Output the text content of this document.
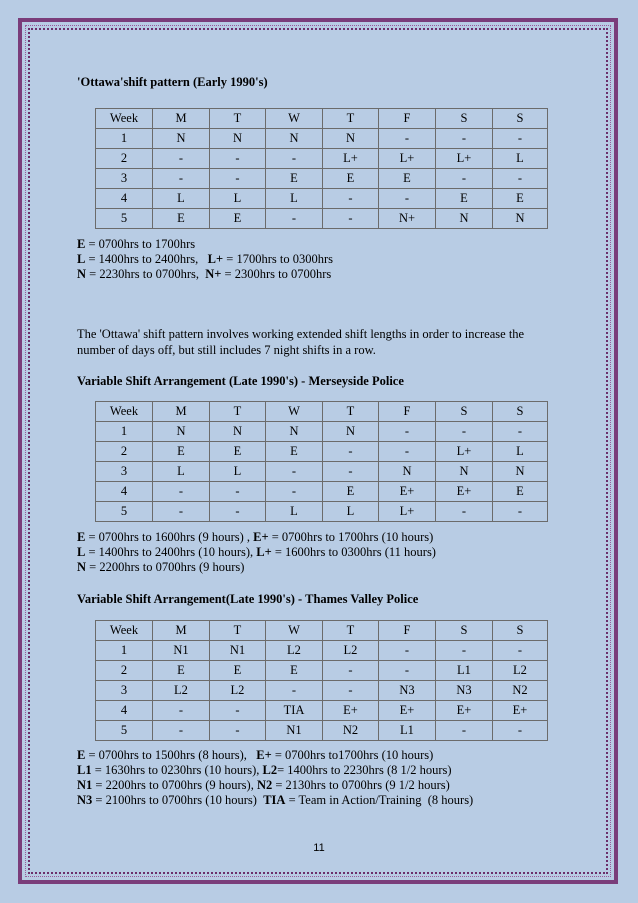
'Ottawa'shift pattern (Early 1990's)

Week	M	T	W	T	F	S	S
1	N	N	N	N	-	-	-
2	-	-	-	L+	L+	L+	L
3	-	-	E	E	E	-	-
4	L	L	L	-	-	E	E
5	E	E	-	-	N+	N	N
E = 0700hrs to 1700hrs
L = 1400hrs to 2400hrs,   L+ = 1700hrs to 0300hrs
N = 2230hrs to 0700hrs,  N+ = 2300hrs to 0700hrs
The 'Ottawa' shift pattern involves working extended shift lengths in order to increase the number of days off, but still includes 7 night shifts in a row.

Variable Shift Arrangement (Late 1990's) - Merseyside Police

Week	M	T	W	T	F	S	S
1	N	N	N	N	-	-	-
2	E	E	E	-	-	L+	L
3	L	L	-	-	N	N	N
4	-	-	-	E	E+	E+	E
5	-	-	L	L	L+	-	-
E = 0700hrs to 1600hrs (9 hours) , E+ = 0700hrs to 1700hrs (10 hours)
L = 1400hrs to 2400hrs (10 hours), L+ = 1600hrs to 0300hrs (11 hours)
N = 2200hrs to 0700hrs (9 hours)

Variable Shift Arrangement(Late 1990's) - Thames Valley Police

Week	M	T	W	T	F	S	S
1	N1	N1	L2	L2	-	-	-
2	E	E	E	-	-	L1	L2
3	L2	L2	-	-	N3	N3	N2
4	-	-	TIA	E+	E+	E+	E+
5	-	-	N1	N2	L1	-	-
E = 0700hrs to 1500hrs (8 hours),   E+ = 0700hrs to1700hrs (10 hours)
L1 = 1630hrs to 0230hrs (10 hours), L2= 1400hrs to 2230hrs (8 1/2 hours)
N1 = 2200hrs to 0700hrs (9 hours), N2 = 2130hrs to 0700hrs (9 1/2 hours)
N3 = 2100hrs to 0700hrs (10 hours)  TIA = Team in Action/Training  (8 hours)
11
